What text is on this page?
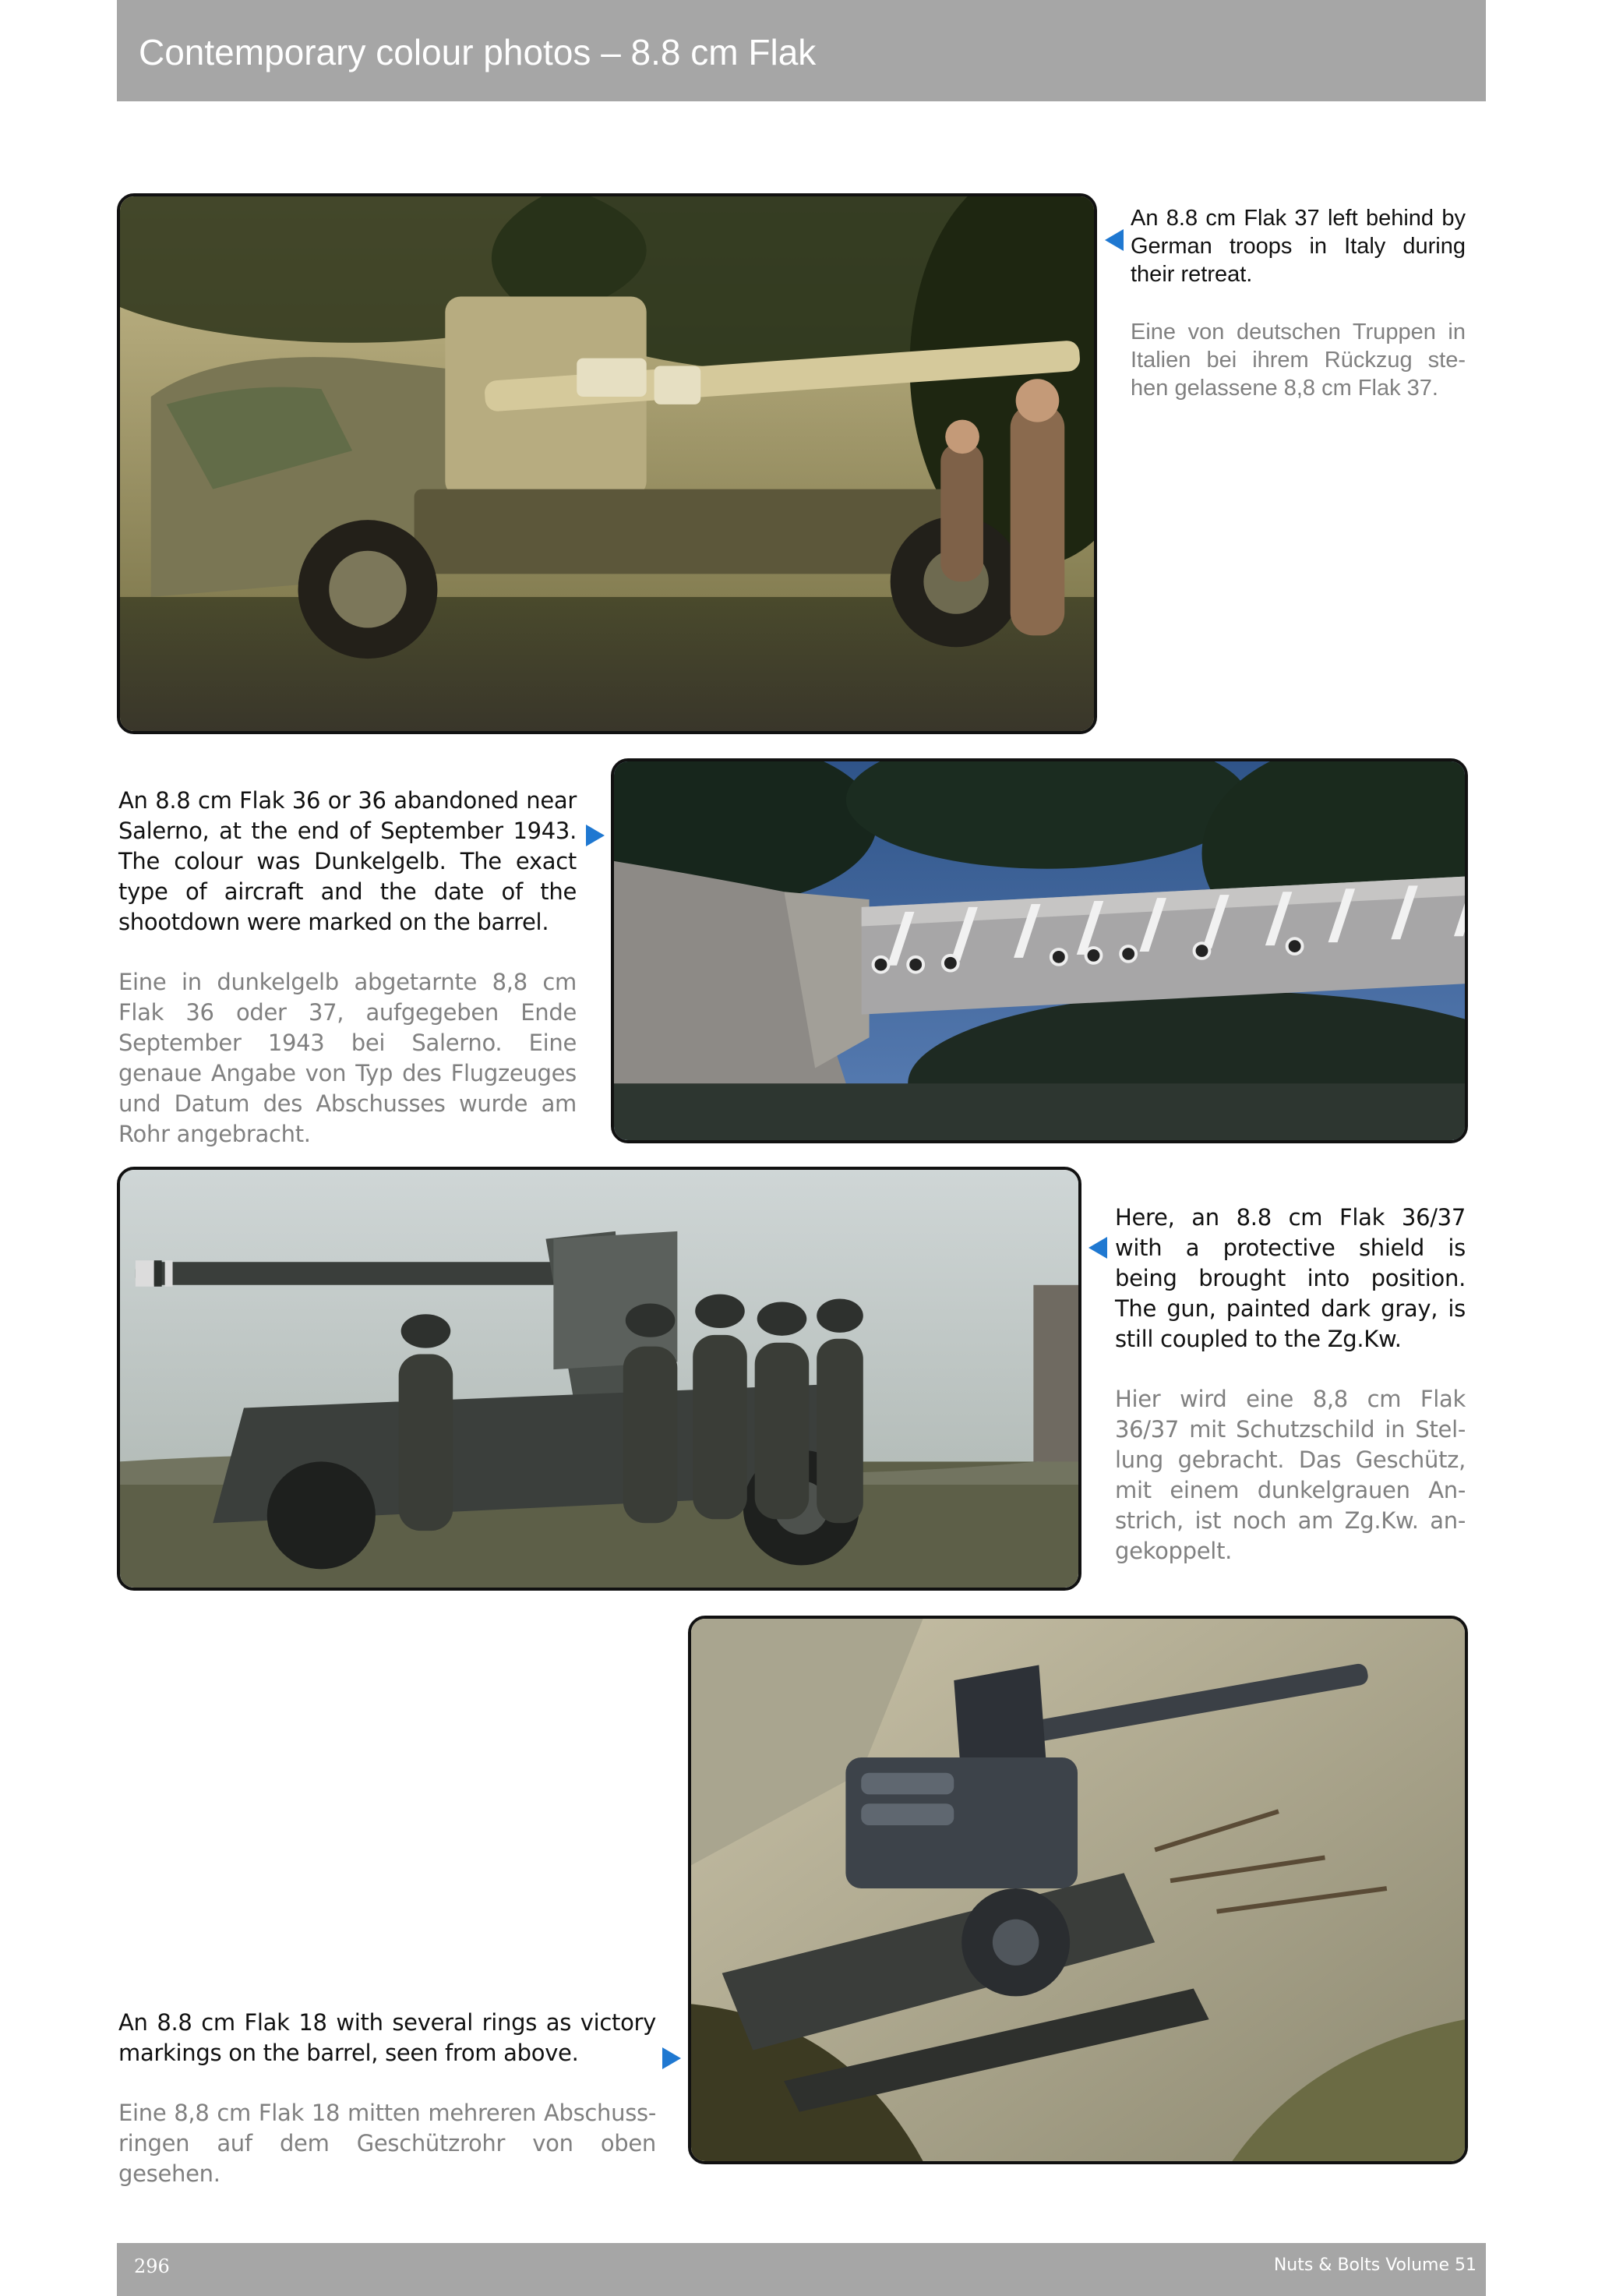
Contemporary colour photos – 8.8 cm Flak

An 8.8 cm Flak 37 left behind by German troops in Italy during their retreat.

Eine von deutschen Truppen in Italien bei ihrem Rückzug ste-hen gelassene 8,8 cm Flak 37.

An 8.8 cm Flak 36 or 36 abandoned near Salerno, at the end of September 1943. The colour was Dunkelgelb. The exact type of aircraft and the date of the shootdown were marked on the barrel.

Eine in dunkelgelb abgetarnte 8,8 cm Flak 36 oder 37, aufgegeben Ende September 1943 bei Salerno. Eine genaue Angabe von Typ des Flugzeuges und Datum des Abschusses wurde am Rohr angebracht.

Here, an 8.8 cm Flak 36/37 with a protective shield is being brought into position. The gun, painted dark gray, is still coupled to the Zg.Kw.

Hier wird eine 8,8 cm Flak 36/37 mit Schutzschild in Stel-lung gebracht. Das Geschütz, mit einem dunkelgrauen An-strich, ist noch am Zg.Kw. an-gekoppelt.

An 8.8 cm Flak 18 with several rings as victory markings on the barrel, seen from above.

Eine 8,8 cm Flak 18 mitten mehreren Abschuss-ringen auf dem Geschützrohr von oben gesehen.

296	Nuts & Bolts Volume 51
